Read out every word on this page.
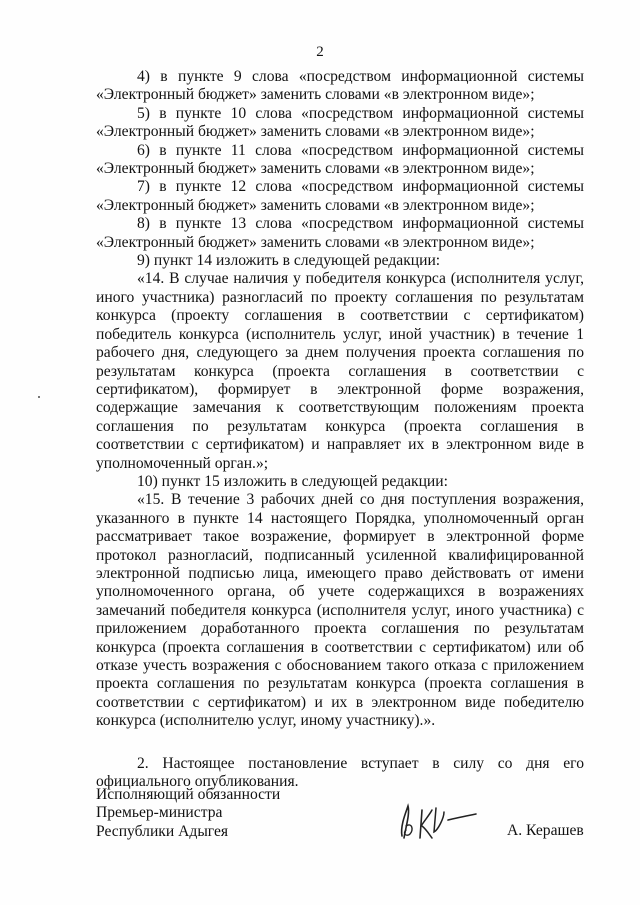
2

4) в пункте 9 слова «посредством информационной системы «Электронный бюджет» заменить словами «в электронном виде»;

5) в пункте 10 слова «посредством информационной системы «Электронный бюджет» заменить словами «в электронном виде»;

6) в пункте 11 слова «посредством информационной системы «Электронный бюджет» заменить словами «в электронном виде»;

7) в пункте 12 слова «посредством информационной системы «Электронный бюджет» заменить словами «в электронном виде»;

8) в пункте 13 слова «посредством информационной системы «Электронный бюджет» заменить словами «в электронном виде»;

9) пункт 14 изложить в следующей редакции:

«14. В случае наличия у победителя конкурса (исполнителя услуг, иного участника) разногласий по проекту соглашения по результатам конкурса (проекту соглашения в соответствии с сертификатом) победитель конкурса (исполнитель услуг, иной участник) в течение 1 рабочего дня, следующего за днем получения проекта соглашения по результатам конкурса (проекта соглашения в соответствии с сертификатом), формирует в электронной форме возражения, содержащие замечания к соответствующим положениям проекта соглашения по результатам конкурса (проекта соглашения в соответствии с сертификатом) и направляет их в электронном виде в уполномоченный орган.»;

10) пункт 15 изложить в следующей редакции:

«15. В течение 3 рабочих дней со дня поступления возражения, указанного в пункте 14 настоящего Порядка, уполномоченный орган рассматривает такое возражение, формирует в электронной форме протокол разногласий, подписанный усиленной квалифицированной электронной подписью лица, имеющего право действовать от имени уполномоченного органа, об учете содержащихся в возражениях замечаний победителя конкурса (исполнителя услуг, иного участника) с приложением доработанного проекта соглашения по результатам конкурса (проекта соглашения в соответствии с сертификатом) или об отказе учесть возражения с обоснованием такого отказа с приложением проекта соглашения по результатам конкурса (проекта соглашения в соответствии с сертификатом) и их в электронном виде победителю конкурса (исполнителю услуг, иному участнику).».

2. Настоящее постановление вступает в силу со дня его официального опубликования.

Исполняющий обязанности
Премьер-министра
Республики Адыгея	А. Керашев
